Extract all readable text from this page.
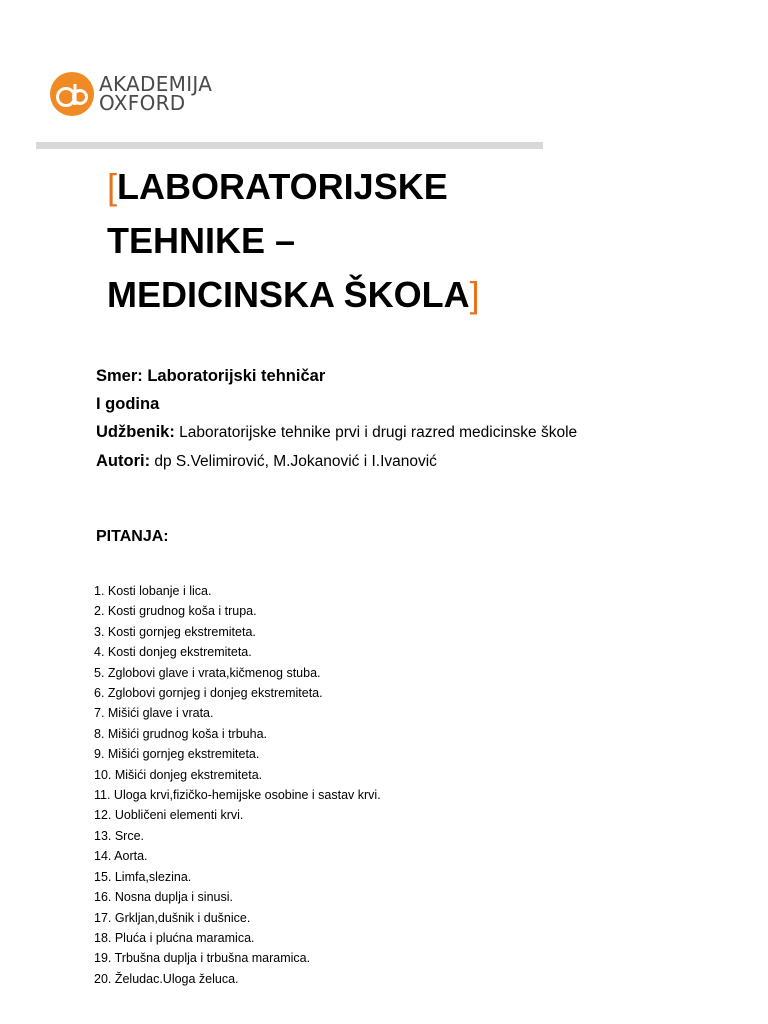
AKADEMIJA
OXFORD
[LABORATORIJSKE
TEHNIKE –
MEDICINSKA ŠKOLA]
Smer: Laboratorijski tehničar
I godina
Udžbenik: Laboratorijske tehnike prvi i drugi razred medicinske škole
Autori: dp S.Velimirović, M.Jokanović i I.Ivanović
PITANJA:
1. Kosti lobanje i lica.
2. Kosti grudnog koša i trupa.
3. Kosti gornjeg ekstremiteta.
4. Kosti donjeg ekstremiteta.
5. Zglobovi glave i vrata,kičmenog stuba.
6. Zglobovi gornjeg i donjeg ekstremiteta.
7. Mišići glave i vrata.
8. Mišići grudnog koša i trbuha.
9. Mišići gornjeg ekstremiteta.
10. Mišići donjeg ekstremiteta.
11. Uloga krvi,fizičko-hemijske osobine i sastav krvi.
12. Uobličeni elementi krvi.
13. Srce.
14. Aorta.
15. Limfa,slezina.
16. Nosna duplja i sinusi.
17. Grkljan,dušnik i dušnice.
18. Pluća i plućna maramica.
19. Trbušna duplja i trbušna maramica.
20. Želudac.Uloga želuca.
